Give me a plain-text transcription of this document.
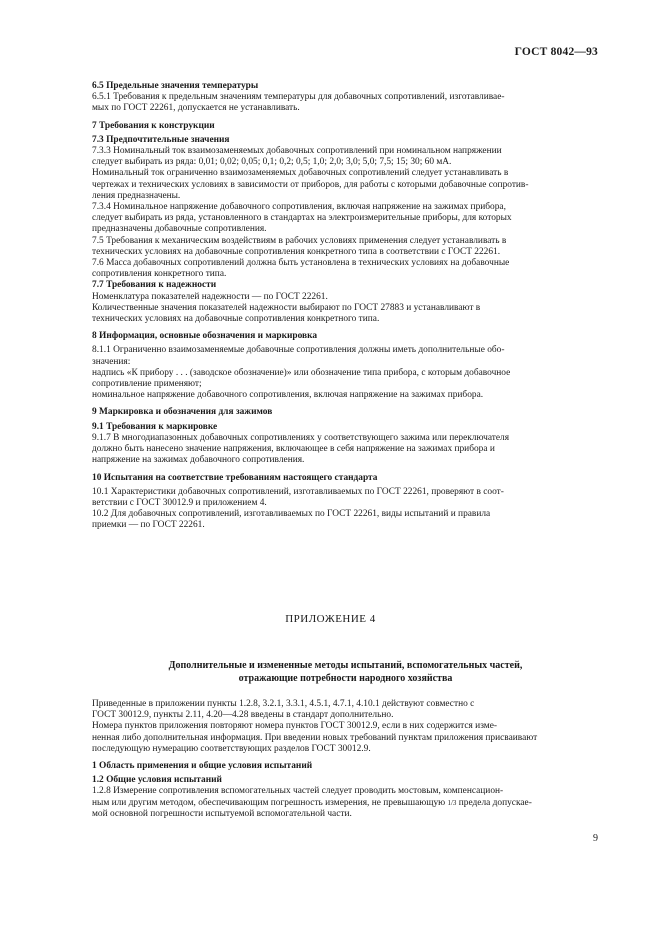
ГОСТ 8042—93

6.5 Предельные значения температуры

6.5.1 Требования к предельным значениям температуры для добавочных сопротивлений, изготавливае-

мых по ГОСТ 22261, допускается не устанавливать.

7 Требования к конструкции

7.3 Предпочтительные значения

7.3.3 Номинальный ток взаимозаменяемых добавочных сопротивлений при номинальном напряжении

следует выбирать из ряда: 0,01; 0,02; 0,05; 0,1; 0,2; 0,5; 1,0; 2,0; 3,0; 5,0; 7,5; 15; 30; 60 мА.

Номинальный ток ограниченно взаимозаменяемых добавочных сопротивлений следует устанавливать в

чертежах и технических условиях в зависимости от приборов, для работы с которыми добавочные сопротив-

ления предназначены.

7.3.4 Номинальное напряжение добавочного сопротивления, включая напряжение на зажимах прибора,

следует выбирать из ряда, установленного в стандартах на электроизмерительные приборы, для которых

предназначены добавочные сопротивления.

7.5 Требования к механическим воздействиям в рабочих условиях применения следует устанавливать в

технических условиях на добавочные сопротивления конкретного типа в соответствии с ГОСТ 22261.

7.6 Масса добавочных сопротивлений должна быть установлена в технических условиях на добавочные

сопротивления конкретного типа.

7.7 Требования к надежности

Номенклатура показателей надежности — по ГОСТ 22261.

Количественные значения показателей надежности выбирают по ГОСТ 27883 и устанавливают в

технических условиях на добавочные сопротивления конкретного типа.

8 Информация, основные обозначения и маркировка

8.1.1 Ограниченно взаимозаменяемые добавочные сопротивления должны иметь дополнительные обо-

значения:

надпись «К прибору . . . (заводское обозначение)» или обозначение типа прибора, с которым добавочное

сопротивление применяют;

номинальное напряжение добавочного сопротивления, включая напряжение на зажимах прибора.

9 Маркировка и обозначения для зажимов

9.1 Требования к маркировке

9.1.7 В многодиапазонных добавочных сопротивлениях у соответствующего зажима или переключателя

должно быть нанесено значение напряжения, включающее в себя напряжение на зажимах прибора и

напряжение на зажимах добавочного сопротивления.

10 Испытания на соответствие требованиям настоящего стандарта

10.1 Характеристики добавочных сопротивлений, изготавливаемых по ГОСТ 22261, проверяют в соот-

ветствии с ГОСТ 30012.9 и приложением 4.

10.2 Для добавочных сопротивлений, изготавливаемых по ГОСТ 22261, виды испытаний и правила

приемки — по ГОСТ 22261.

ПРИЛОЖЕНИЕ 4
Дополнительные и измененные методы испытаний, вспомогательных частей,
отражающие потребности народного хозяйства

Приведенные в приложении пункты 1.2.8, 3.2.1, 3.3.1, 4.5.1, 4.7.1, 4.10.1 действуют совместно с

ГОСТ 30012.9, пункты 2.11, 4.20—4.28 введены в стандарт дополнительно.

Номера пунктов приложения повторяют номера пунктов ГОСТ 30012.9, если в них содержится изме-

ненная либо дополнительная информация. При введении новых требований пунктам приложения присваивают

последующую нумерацию соответствующих разделов ГОСТ 30012.9.

1 Область применения и общие условия испытаний

1.2 Общие условия испытаний

1.2.8 Измерение сопротивления вспомогательных частей следует проводить мостовым, компенсацион-

ным или другим методом, обеспечивающим погрешность измерения, не превышающую 1/3 предела допускае-

мой основной погрешности испытуемой вспомогательной части.

9
